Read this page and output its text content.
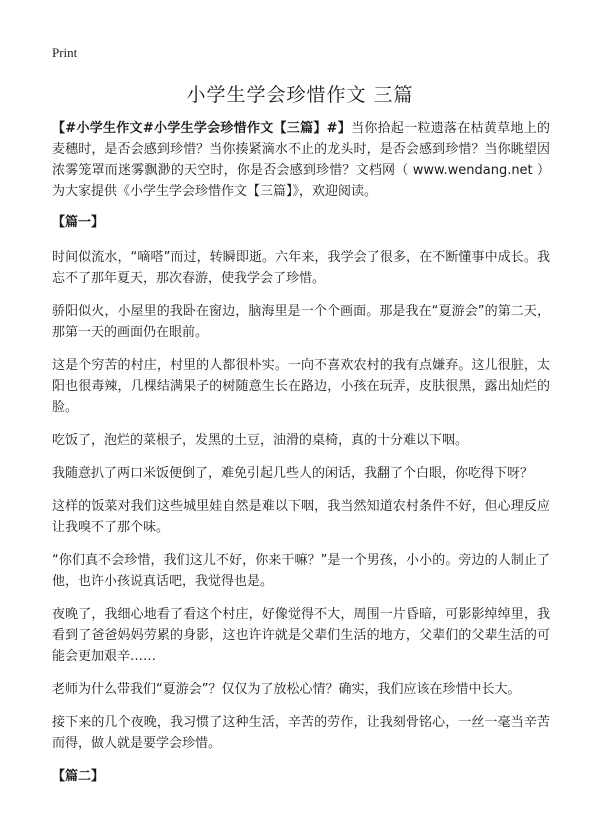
Print
小学生学会珍惜作文 三篇

【#小学生作文#小学生学会珍惜作文【三篇】#】当你拾起一粒遗落在枯黄草地上的麦穗时，是否会感到珍惜？当你揍紧滴水不止的龙头时，是否会感到珍惜？当你眺望因浓雾笼罩而迷雾飘渺的天空时，你是否会感到珍惜？文档网（ www.wendang.net ）为大家提供《小学生学会珍惜作文【三篇】》，欢迎阅读。

【篇一】

时间似流水，“嘀嗒”而过，转瞬即逝。六年来，我学会了很多，在不断懂事中成长。我忘不了那年夏天，那次春游，使我学会了珍惜。

骄阳似火，小屋里的我卧在窗边，脑海里是一个个画面。那是我在“夏游会”的第二天，那第一天的画面仍在眼前。

这是个穷苦的村庄，村里的人都很朴实。一向不喜欢农村的我有点嫌弃。这儿很脏，太阳也很毒辣，几棵结满果子的树随意生长在路边，小孩在玩弄，皮肤很黑，露出灿烂的脸。

吃饭了，泡烂的菜根子，发黑的土豆，油滑的桌椅，真的十分难以下咽。

我随意扒了两口米饭便倒了，难免引起几些人的闲话，我翻了个白眼，你吃得下呀？

这样的饭菜对我们这些城里娃自然是难以下咽，我当然知道农村条件不好，但心理反应让我嗅不了那个味。

“你们真不会珍惜，我们这儿不好，你来干嘛？”是一个男孩，小小的。旁边的人制止了他，也许小孩说真话吧，我觉得也是。

夜晚了，我细心地看了看这个村庄，好像觉得不大，周围一片昏暗，可影影绰绰里，我看到了爸爸妈妈劳累的身影，这也许许就是父辈们生活的地方，父辈们的父辈生活的可能会更加艰辛……

老师为什么带我们“夏游会”？仅仅为了放松心情？确实，我们应该在珍惜中长大。

接下来的几个夜晚，我习惯了这种生活，辛苦的劳作，让我刻骨铭心，一丝一毫当辛苦而得，做人就是要学会珍惜。

【篇二】
